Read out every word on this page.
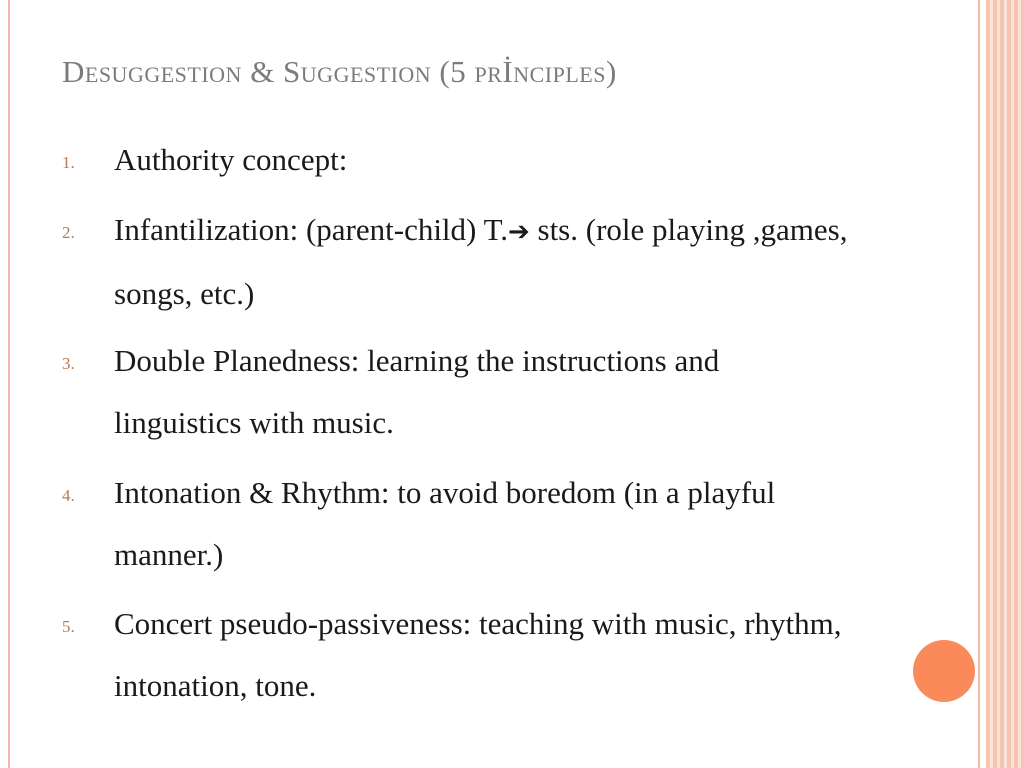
Desuggestion & Suggestion (5 prİnciples)
1.	Authority concept:
2.	Infantilization: (parent-child) T.➔ sts. (role playing ,games, songs, etc.)
3.	Double Planedness: learning the instructions and linguistics with music.
4.	Intonation & Rhythm: to avoid boredom (in a playful manner.)
5.	Concert pseudo-passiveness: teaching with music, rhythm, intonation, tone.
